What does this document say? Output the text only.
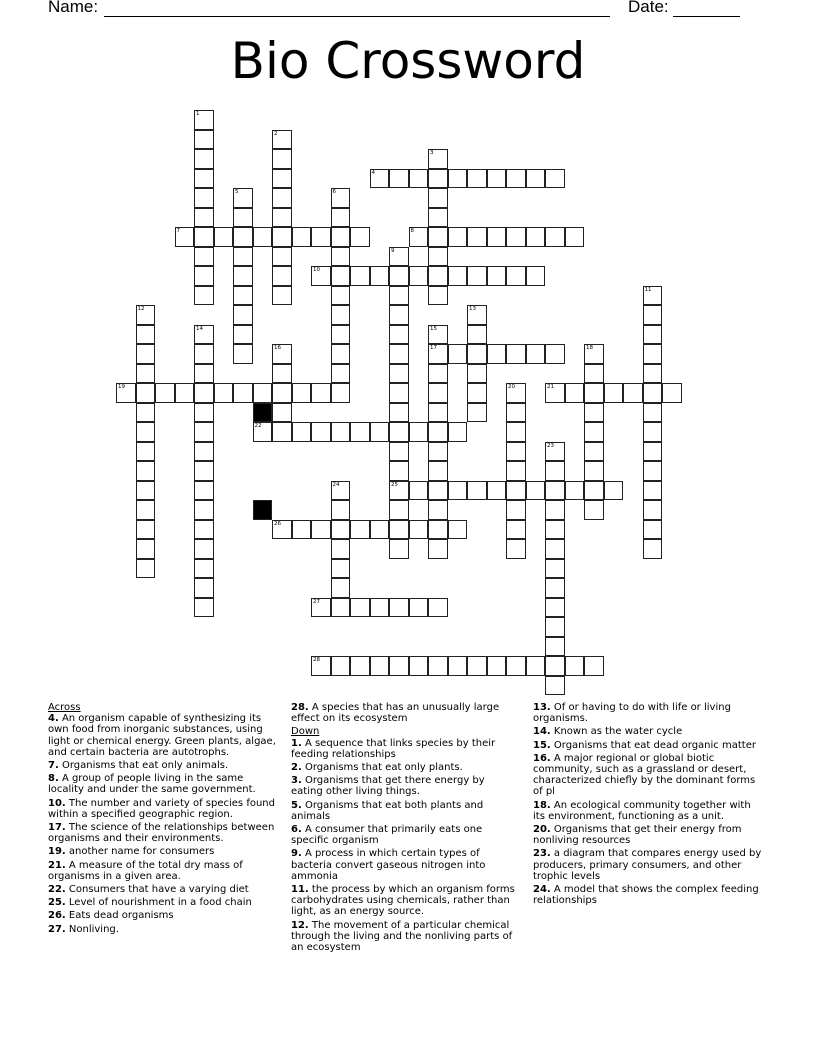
Name:	Date:
Bio Crossword
1
2
3
4
5	6
7	8
9
10
11
12	13
14	15
16	17	18
19	20	21
22
23
24	25
26
27
28

Across

4. An organism capable of synthesizing its own food from inorganic substances, using light or chemical energy. Green plants, algae, and certain bacteria are autotrophs.

7. Organisms that eat only animals.

8. A group of people living in the same locality and under the same government.

10. The number and variety of species found within a specified geographic region.

17. The science of the relationships between organisms and their environments.

19. another name for consumers

21. A measure of the total dry mass of organisms in a given area.

22. Consumers that have a varying diet

25. Level of nourishment in a food chain

26. Eats dead organisms

27. Nonliving.

28. A species that has an unusually large effect on its ecosystem

Down

1. A sequence that links species by their feeding relationships

2. Organisms that eat only plants.

3. Organisms that get there energy by eating other living things.

5. Organisms that eat both plants and animals

6. A consumer that primarily eats one specific organism

9. A process in which certain types of bacteria convert gaseous nitrogen into ammonia

11. the process by which an organism forms carbohydrates using chemicals, rather than light, as an energy source.

12. The movement of a particular chemical through the living and the nonliving parts of an ecosystem

13. Of or having to do with life or living organisms.

14. Known as the water cycle

15. Organisms that eat dead organic matter

16. A major regional or global biotic community, such as a grassland or desert, characterized chiefly by the dominant forms of pl

18. An ecological community together with its environment, functioning as a unit.

20. Organisms that get their energy from nonliving resources

23. a diagram that compares energy used by producers, primary consumers, and other trophic levels

24. A model that shows the complex feeding relationships
